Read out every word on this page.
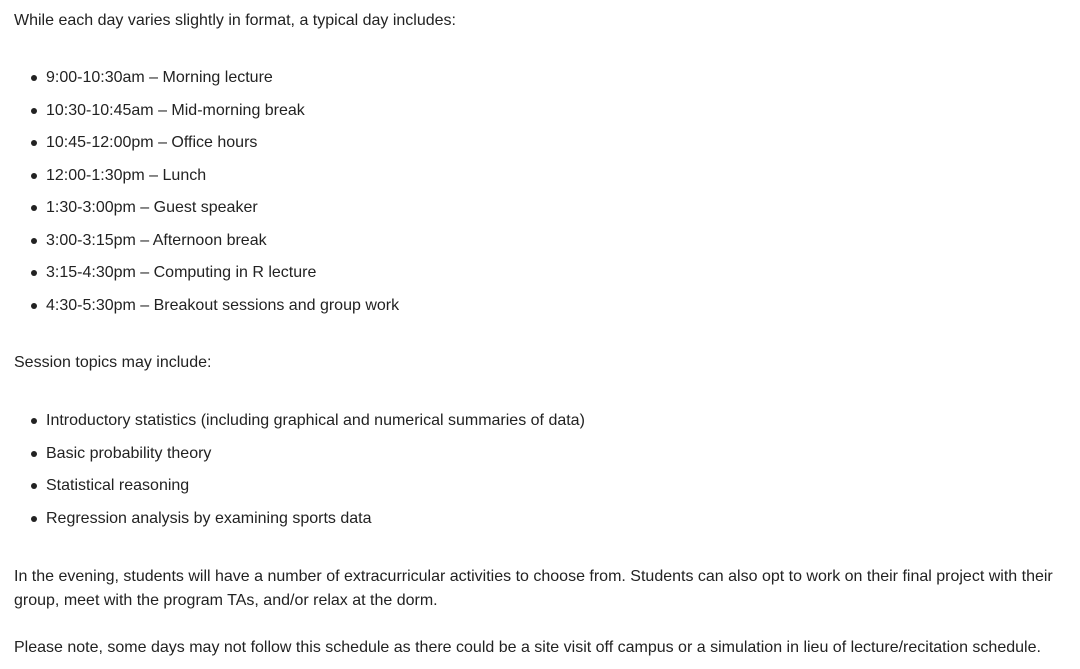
While each day varies slightly in format, a typical day includes:

9:00-10:30am – Morning lecture
10:30-10:45am – Mid-morning break
10:45-12:00pm – Office hours
12:00-1:30pm – Lunch
1:30-3:00pm – Guest speaker
3:00-3:15pm – Afternoon break
3:15-4:30pm – Computing in R lecture
4:30-5:30pm – Breakout sessions and group work

Session topics may include:

Introductory statistics (including graphical and numerical summaries of data)
Basic probability theory
Statistical reasoning
Regression analysis by examining sports data

In the evening, students will have a number of extracurricular activities to choose from. Students can also opt to work on their final project with their group, meet with the program TAs, and/or relax at the dorm.

Please note, some days may not follow this schedule as there could be a site visit off campus or a simulation in lieu of lecture/recitation schedule.
